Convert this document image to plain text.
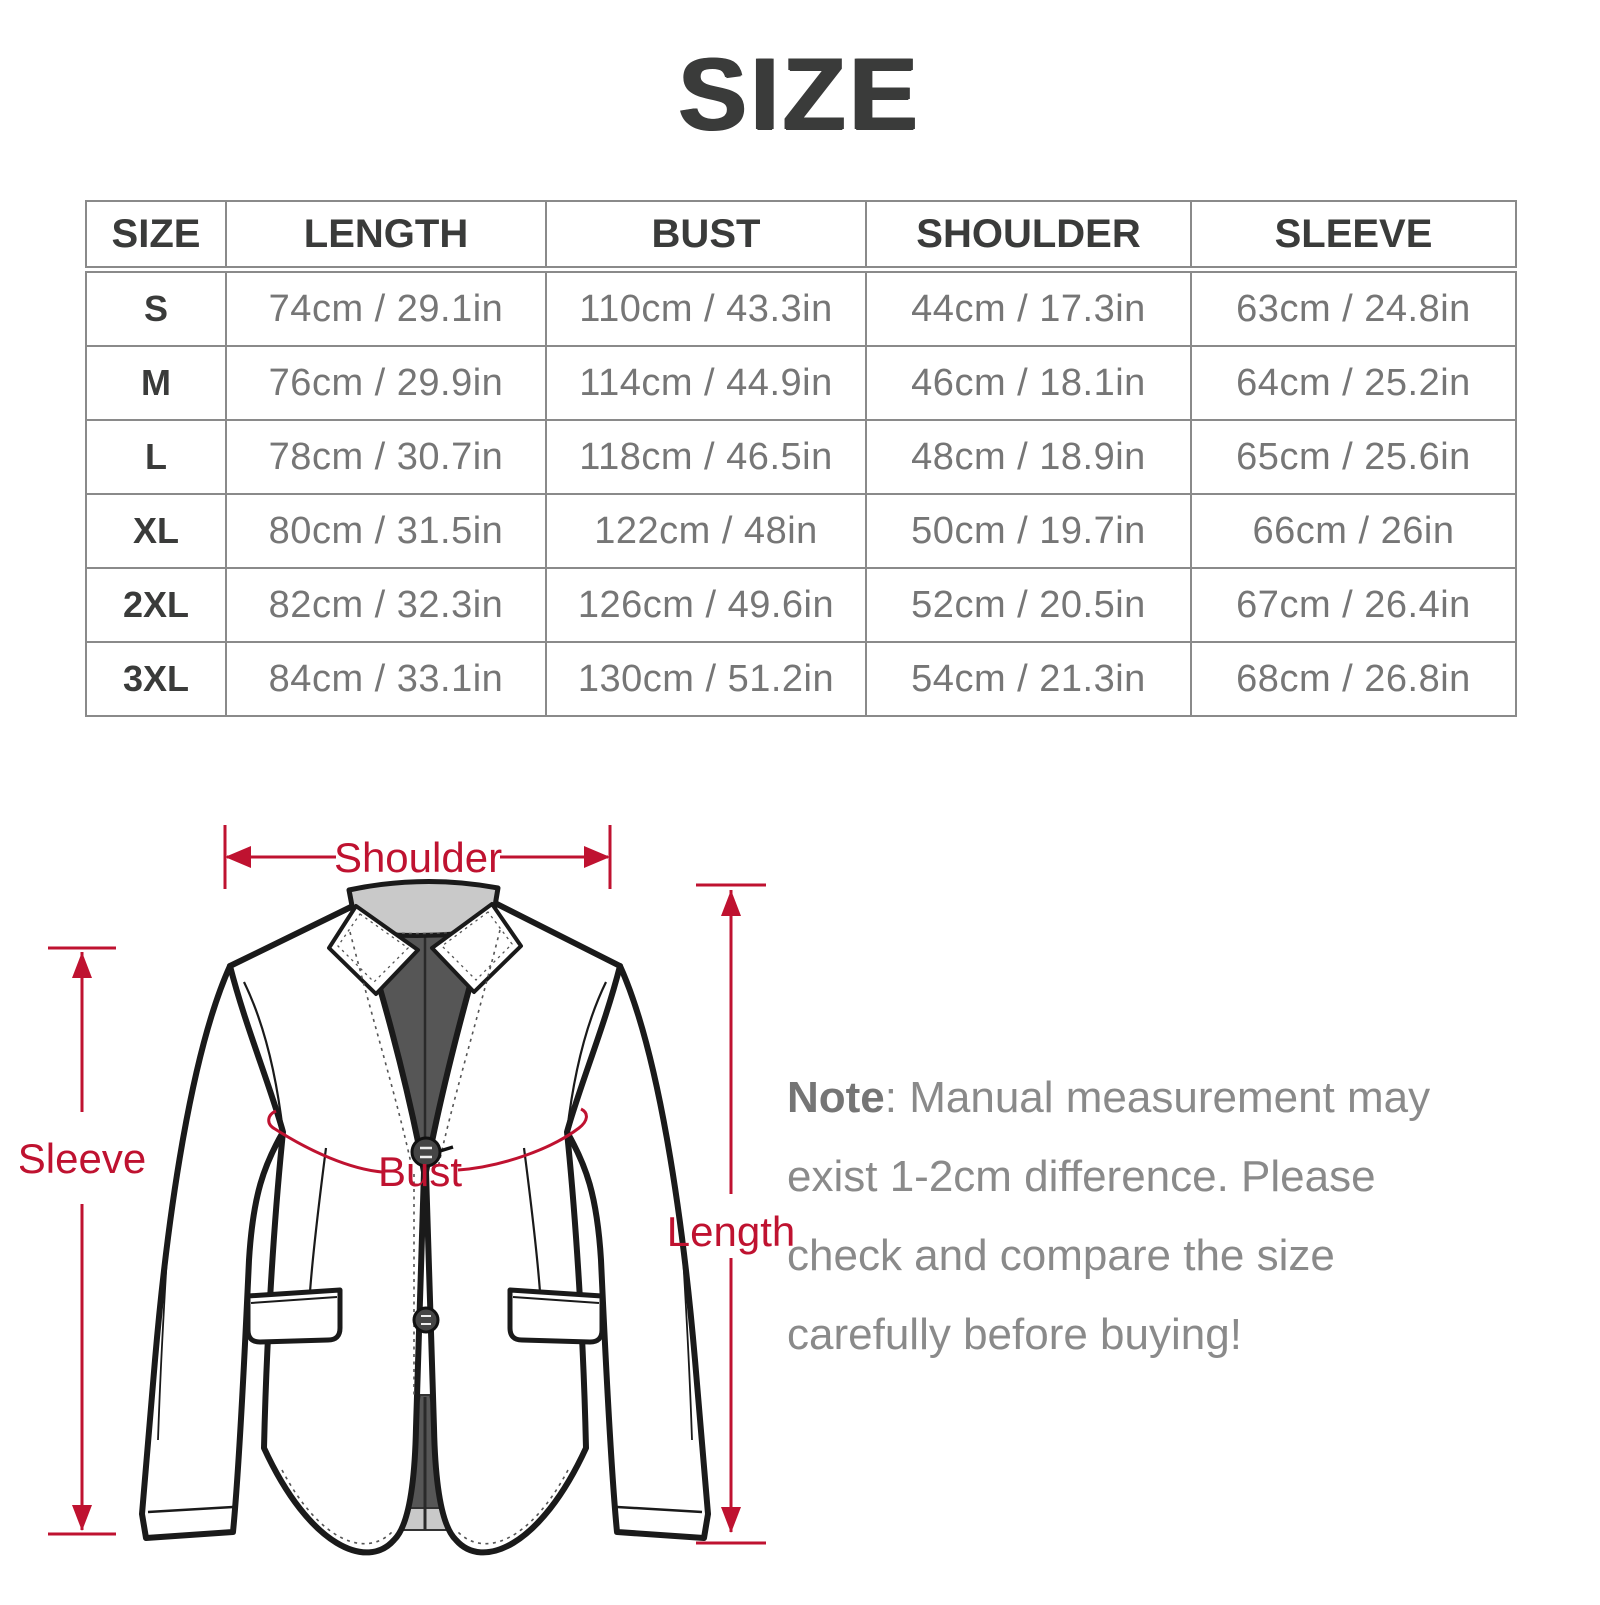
SIZE
SIZE	LENGTH	BUST	SHOULDER	SLEEVE
S	74cm / 29.1in	110cm / 43.3in	44cm / 17.3in	63cm / 24.8in
M	76cm / 29.9in	114cm / 44.9in	46cm / 18.1in	64cm / 25.2in
L	78cm / 30.7in	118cm / 46.5in	48cm / 18.9in	65cm / 25.6in
XL	80cm / 31.5in	122cm / 48in	50cm / 19.7in	66cm / 26in
2XL	82cm / 32.3in	126cm / 49.6in	52cm / 20.5in	67cm / 26.4in
3XL	84cm / 33.1in	130cm / 51.2in	54cm / 21.3in	68cm / 26.8in
Shoulder
Sleeve	Bust
Length
Note: Manual measurement may
exist 1-2cm difference. Please
check and compare the size
carefully before buying!
